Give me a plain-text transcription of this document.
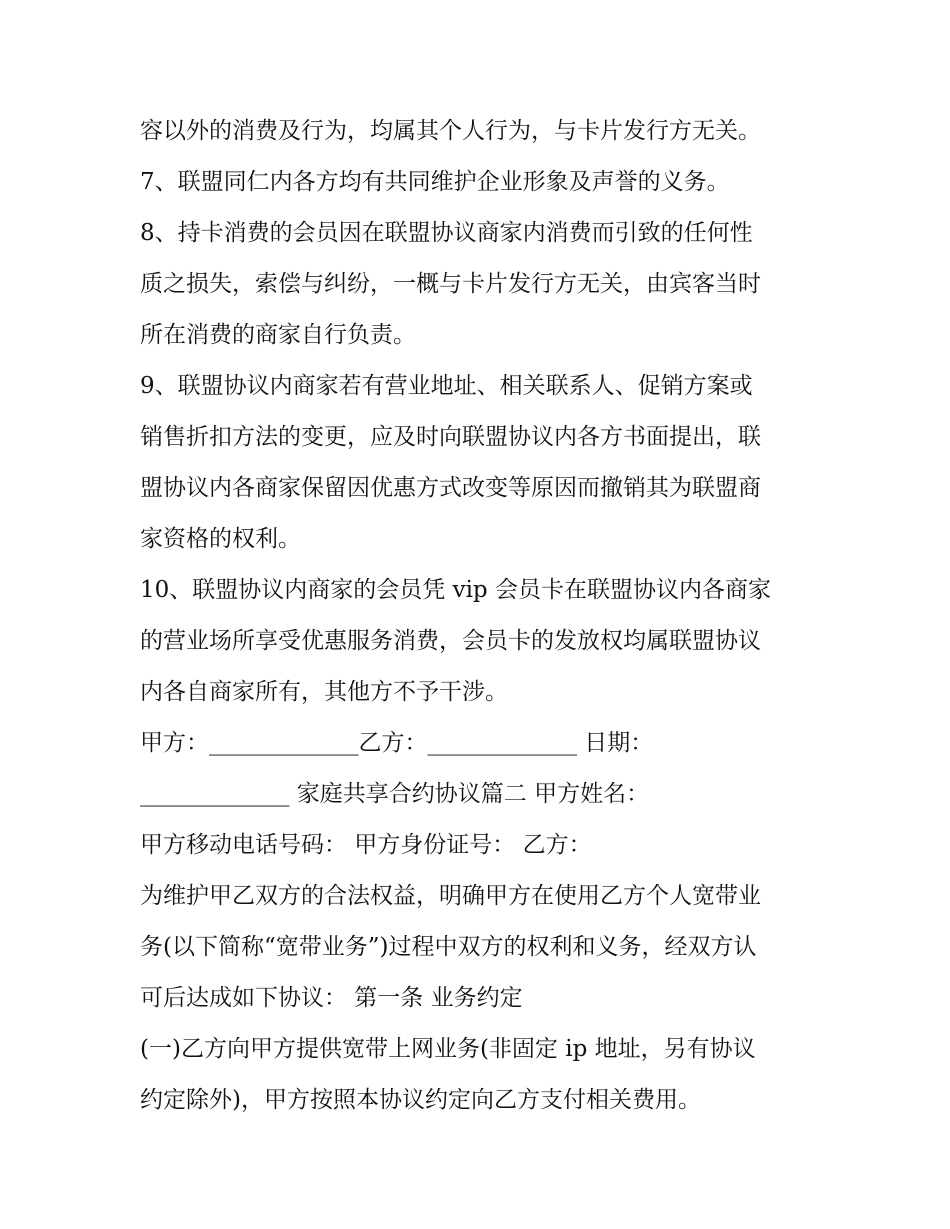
容以外的消费及行为，均属其个人行为，与卡片发行方无关。
7、联盟同仁内各方均有共同维护企业形象及声誉的义务。
8、持卡消费的会员因在联盟协议商家内消费而引致的任何性
质之损失，索偿与纠纷，一概与卡片发行方无关，由宾客当时
所在消费的商家自行负责。
9、联盟协议内商家若有营业地址、相关联系人、促销方案或
销售折扣方法的变更，应及时向联盟协议内各方书面提出，联
盟协议内各商家保留因优惠方式改变等原因而撤销其为联盟商
家资格的权利。
10、联盟协议内商家的会员凭 vip 会员卡在联盟协议内各商家
的营业场所享受优惠服务消费，会员卡的发放权均属联盟协议
内各自商家所有，其他方不予干涉。
甲方：_____________乙方：_____________ 日期：
_____________ 家庭共享合约协议篇二 甲方姓名：
甲方移动电话号码： 甲方身份证号： 乙方：
为维护甲乙双方的合法权益，明确甲方在使用乙方个人宽带业
务(以下简称“宽带业务”)过程中双方的权利和义务，经双方认
可后达成如下协议： 第一条 业务约定
(一)乙方向甲方提供宽带上网业务(非固定 ip 地址，另有协议
约定除外)，甲方按照本协议约定向乙方支付相关费用。
